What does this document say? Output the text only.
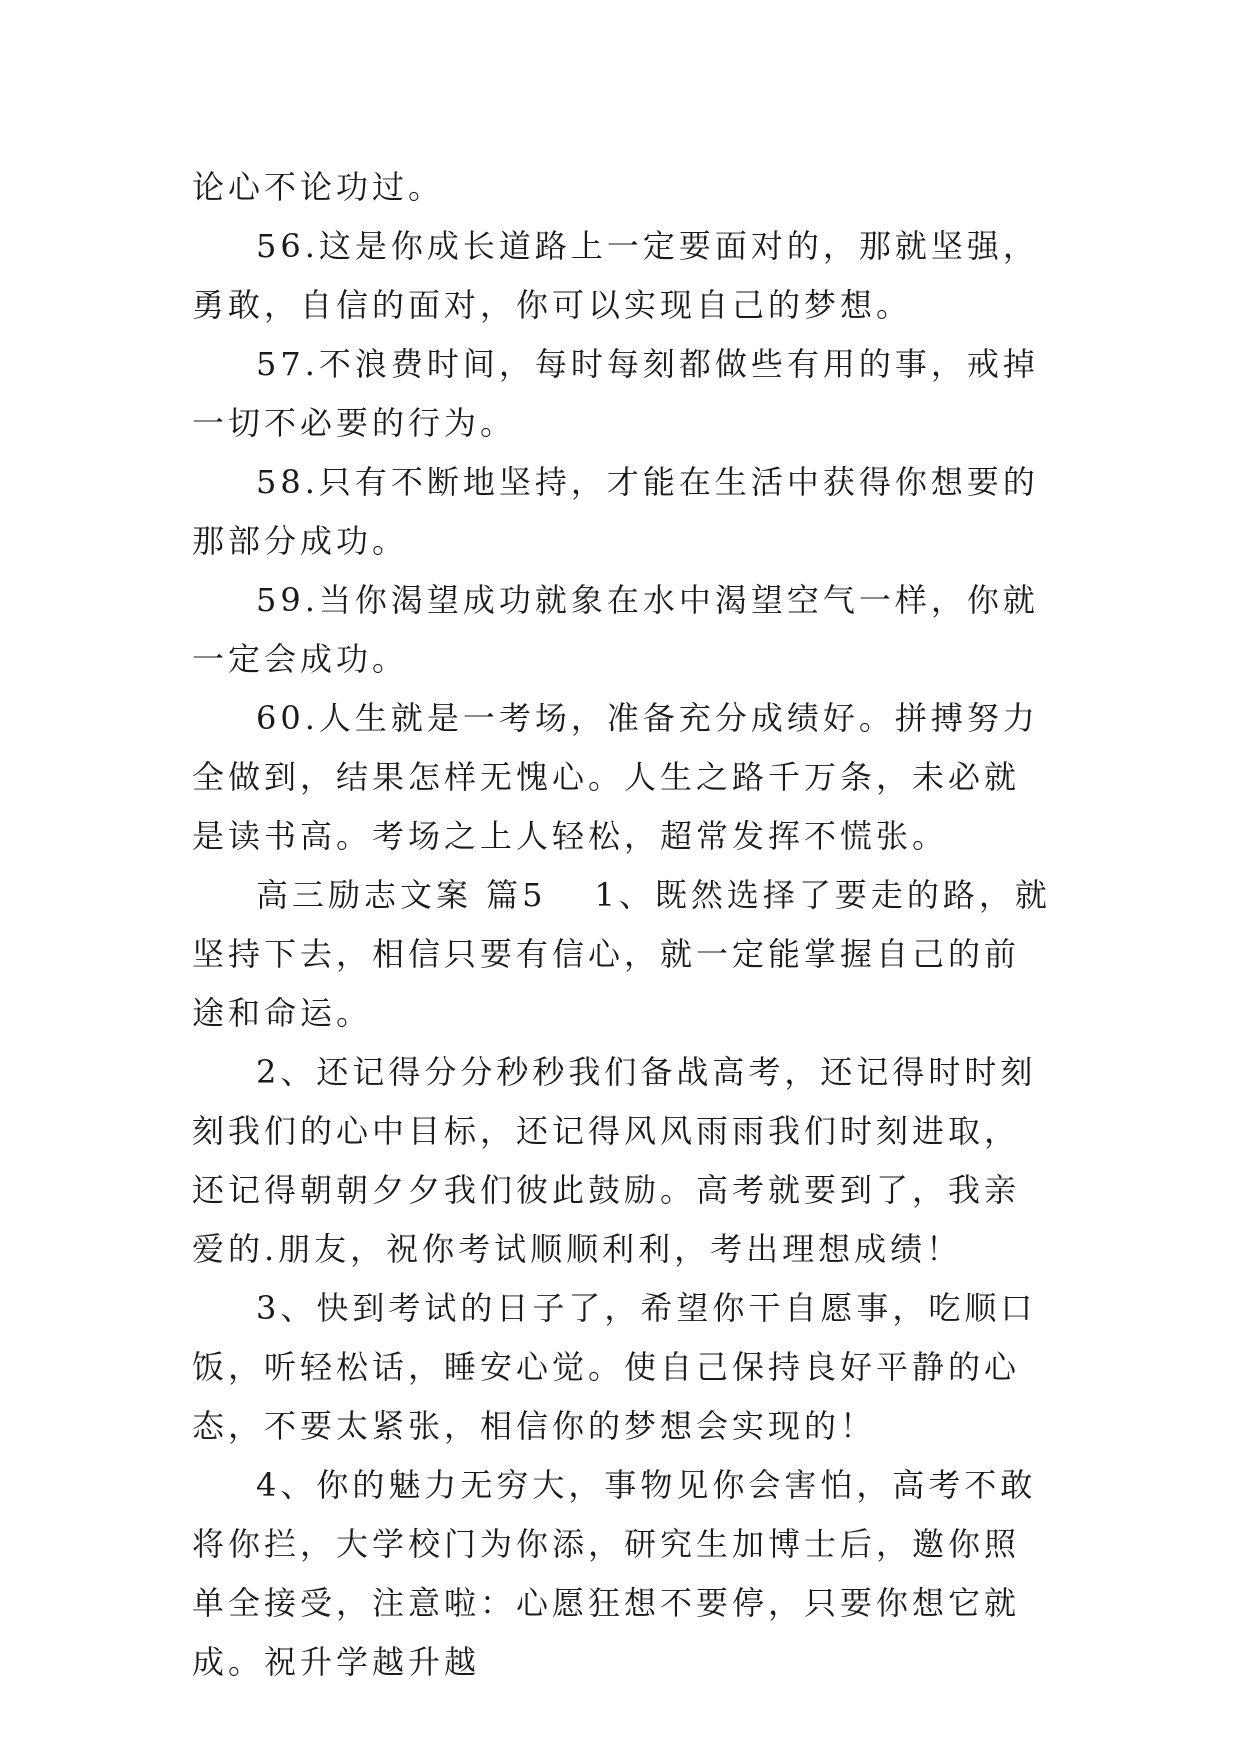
论心不论功过。

56.这是你成长道路上一定要面对的，那就坚强，勇敢，自信的面对，你可以实现自己的梦想。

57.不浪费时间，每时每刻都做些有用的事，戒掉一切不必要的行为。

58.只有不断地坚持，才能在生活中获得你想要的那部分成功。

59.当你渴望成功就象在水中渴望空气一样，你就一定会成功。

60.人生就是一考场，准备充分成绩好。拼搏努力全做到，结果怎样无愧心。人生之路千万条，未必就是读书高。考场之上人轻松，超常发挥不慌张。

高三励志文案 篇5 1、既然选择了要走的路，就坚持下去，相信只要有信心，就一定能掌握自己的前途和命运。

2、还记得分分秒秒我们备战高考，还记得时时刻刻我们的心中目标，还记得风风雨雨我们时刻进取，还记得朝朝夕夕我们彼此鼓励。高考就要到了，我亲爱的.朋友，祝你考试顺顺利利，考出理想成绩！

3、快到考试的日子了，希望你干自愿事，吃顺口饭，听轻松话，睡安心觉。使自己保持良好平静的心态，不要太紧张，相信你的梦想会实现的！

4、你的魅力无穷大，事物见你会害怕，高考不敢将你拦，大学校门为你添，研究生加博士后，邀你照单全接受，注意啦：心愿狂想不要停，只要你想它就成。祝升学越升越
